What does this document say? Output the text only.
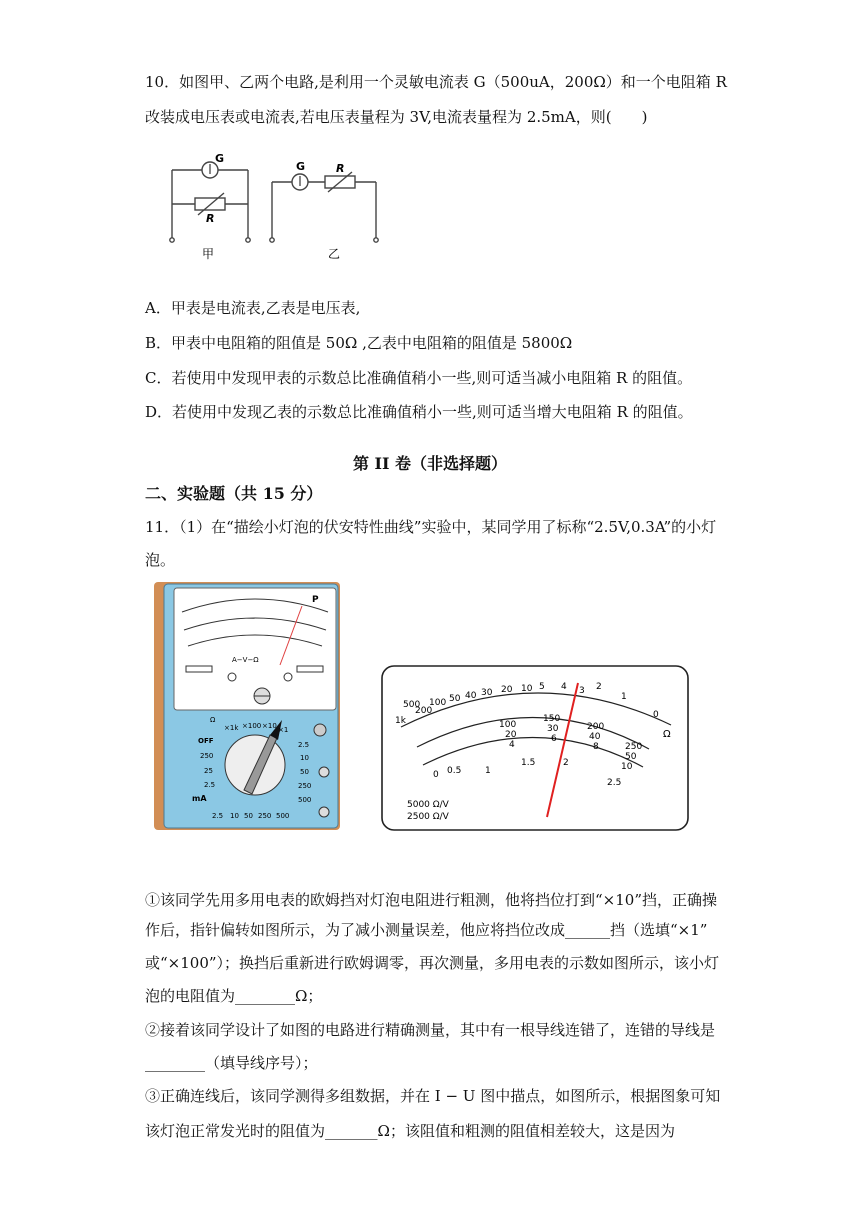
10．如图甲、乙两个电路,是利用一个灵敏电流表 G（500uA，200Ω）和一个电阻箱 R
改装成电压表或电流表,若电压表量程为 3V,电流表量程为 2.5mA，则(　　)
G
R
甲
G	R
乙
A．甲表是电流表,乙表是电压表,
B．甲表中电阻箱的阻值是 50Ω ,乙表中电阻箱的阻值是 5800Ω
C．若使用中发现甲表的示数总比准确值稍小一些,则可适当减小电阻箱 R 的阻值。
D．若使用中发现乙表的示数总比准确值稍小一些,则可适当增大电阻箱 R 的阻值。
第 II 卷（非选择题）
二、实验题（共 15 分）
11．（1）在“描绘小灯泡的伏安特性曲线”实验中，某同学用了标称“2.5V,0.3A”的小灯
泡。
P
A−V−Ω
Ω
×1k ×100 ×10 ×1
OFF
250
25
2.5
mA
2.5
10
50
250
500
2.5 10 50 250 500
1k
500
200
100 50 40 30 20 10 5 4 3 2
1
0
Ω
100
150
200
250
20
30
40
50
4
6
8
10
0 0.5	1
1.5	2
2.5
5000 Ω/V
2500 Ω/V
①该同学先用多用电表的欧姆挡对灯泡电阻进行粗测，他将挡位打到“×10”挡，正确操
作后，指针偏转如图所示，为了减小测量误差，他应将挡位改成______挡（选填“×1”
或“×100”）；换挡后重新进行欧姆调零，再次测量，多用电表的示数如图所示，该小灯
泡的电阻值为________Ω；
②接着该同学设计了如图的电路进行精确测量，其中有一根导线连错了，连错的导线是
________（填导线序号）；
③正确连线后，该同学测得多组数据，并在 I − U 图中描点，如图所示，根据图象可知
该灯泡正常发光时的阻值为_______Ω；该阻值和粗测的阻值相差较大，这是因为
